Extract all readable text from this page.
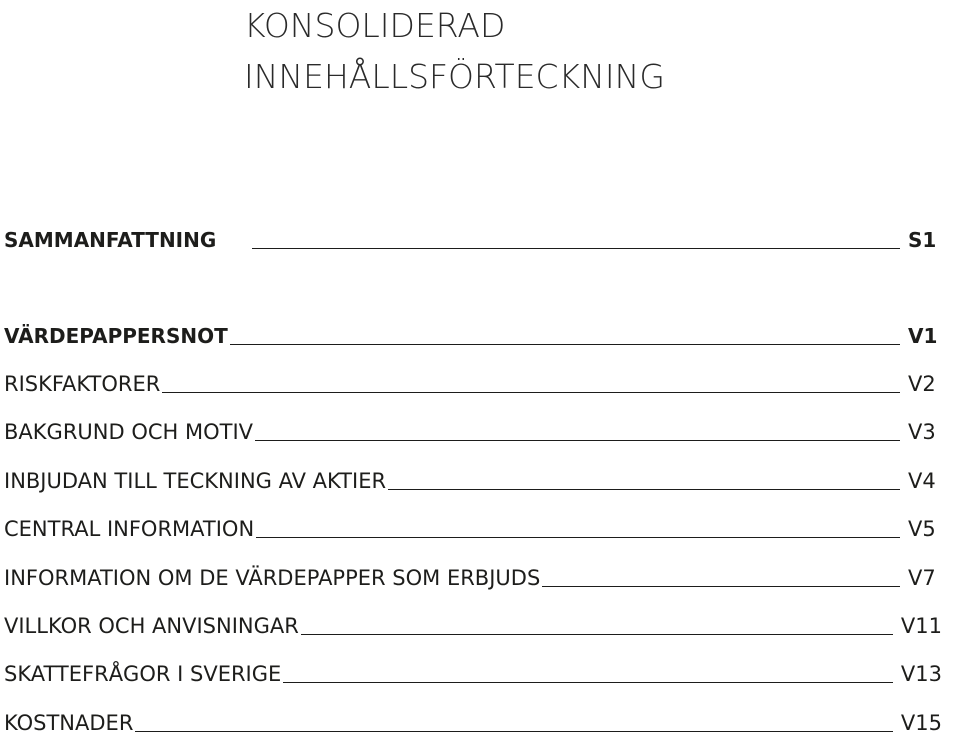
KONSOLIDERAD
INNEHÅLLSFÖRTECKNING
SAMMANFATTNING	S1
VÄRDEPAPPERSNOT	V1
RISKFAKTORER	V2
BAKGRUND OCH MOTIV	V3
INBJUDAN TILL TECKNING AV AKTIER	V4
CENTRAL INFORMATION	V5
INFORMATION OM DE VÄRDEPAPPER SOM ERBJUDS	V7
VILLKOR OCH ANVISNINGAR	V11
SKATTEFRÅGOR I SVERIGE	V13
KOSTNADER	V15
